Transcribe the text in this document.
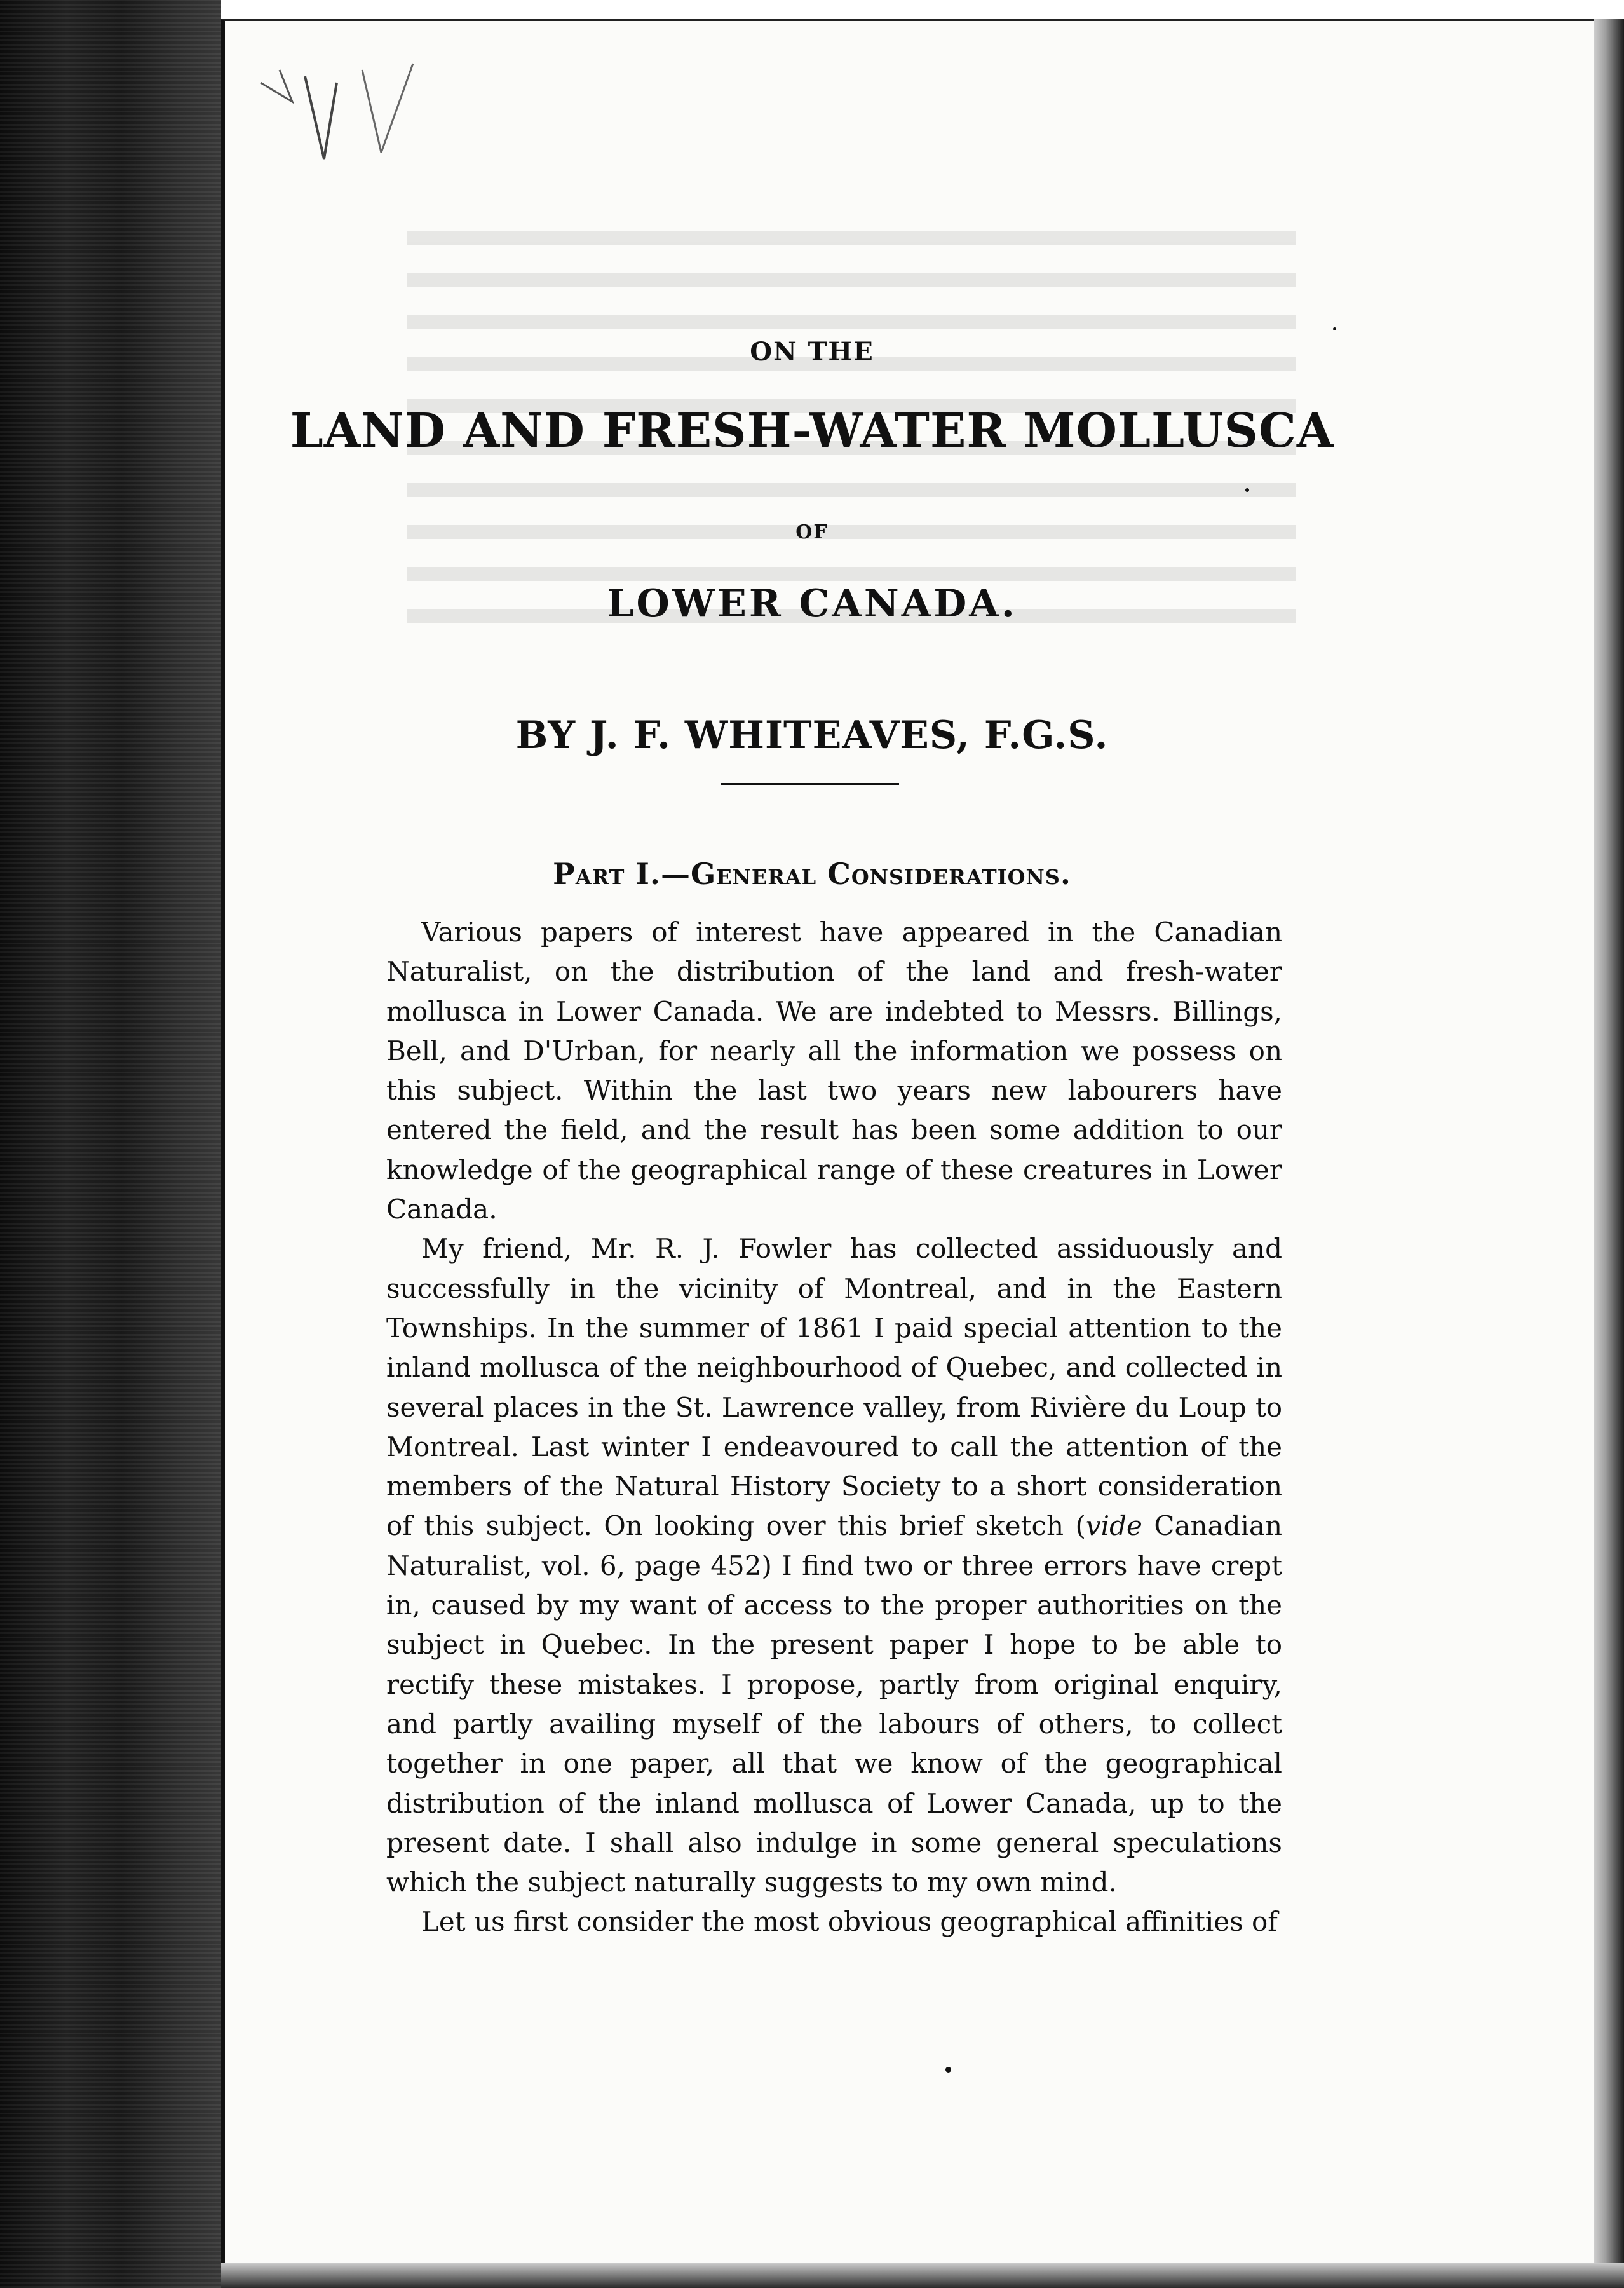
ON THE

LAND AND FRESH-WATER MOLLUSCA

OF

LOWER CANADA.

BY J. F. WHITEAVES, F.G.S.

Part I.—General Considerations.

Various papers of interest have appeared in the Canadian Naturalist, on the distribution of the land and fresh-water mollusca in Lower Canada. We are indebted to Messrs. Billings, Bell, and D'Urban, for nearly all the information we possess on this subject. Within the last two years new labourers have entered the field, and the result has been some addition to our knowledge of the geographical range of these creatures in Lower Canada.

My friend, Mr. R. J. Fowler has collected assiduously and successfully in the vicinity of Montreal, and in the Eastern Townships. In the summer of 1861 I paid special attention to the inland mollusca of the neighbourhood of Quebec, and collected in several places in the St. Lawrence valley, from Rivière du Loup to Montreal. Last winter I endeavoured to call the attention of the members of the Natural History Society to a short consideration of this subject. On looking over this brief sketch (vide Canadian Naturalist, vol. 6, page 452) I find two or three errors have crept in, caused by my want of access to the proper authorities on the subject in Quebec. In the present paper I hope to be able to rectify these mistakes. I propose, partly from original enquiry, and partly availing myself of the labours of others, to collect together in one paper, all that we know of the geographical distribution of the inland mollusca of Lower Canada, up to the present date. I shall also indulge in some general speculations which the subject naturally suggests to my own mind.

Let us first consider the most obvious geographical affinities of
